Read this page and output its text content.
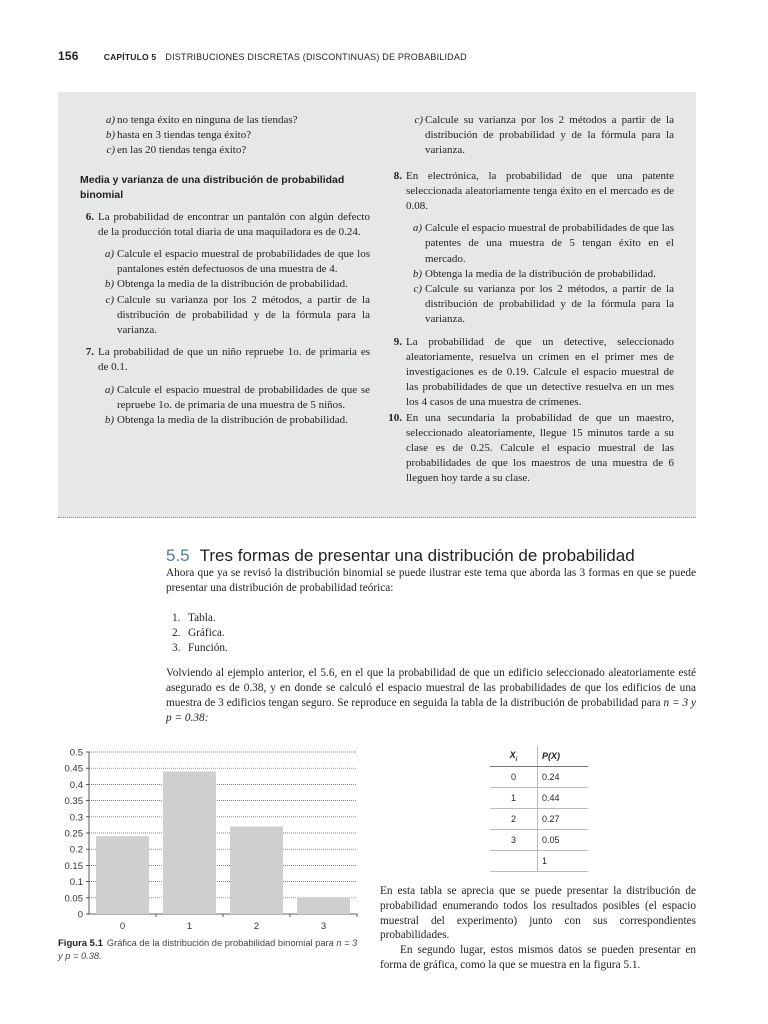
156	CAPÍTULO 5 DISTRIBUCIONES DISCRETAS (DISCONTINUAS) DE PROBABILIDAD

a) no tenga éxito en ninguna de las tiendas?

b) hasta en 3 tiendas tenga éxito?

c) en las 20 tiendas tenga éxito?

Media y varianza de una distribución de probabilidad binomial

6. La probabilidad de encontrar un pantalón con algún defecto de la producción total diaria de una maquiladora es de 0.24.

a) Calcule el espacio muestral de probabilidades de que los pantalones estén defectuosos de una muestra de 4.

b) Obtenga la media de la distribución de probabilidad.

c) Calcule su varianza por los 2 métodos, a partir de la distribución de probabilidad y de la fórmula para la varianza.

7. La probabilidad de que un niño repruebe 1o. de primaria es de 0.1.

a) Calcule el espacio muestral de probabilidades de que se repruebe 1o. de primaria de una muestra de 5 niños.

b) Obtenga la media de la distribución de probabilidad.

c) Calcule su varianza por los 2 métodos a partir de la distribución de probabilidad y de la fórmula para la varianza.

8. En electrónica, la probabilidad de que una patente seleccionada aleatoriamente tenga éxito en el mercado es de 0.08.

a) Calcule el espacio muestral de probabilidades de que las patentes de una muestra de 5 tengan éxito en el mercado.

b) Obtenga la media de la distribución de probabilidad.

c) Calcule su varianza por los 2 métodos, a partir de la distribución de probabilidad y de la fórmula para la varianza.

9. La probabilidad de que un detective, seleccionado aleatoriamente, resuelva un crimen en el primer mes de investigaciones es de 0.19. Calcule el espacio muestral de las probabilidades de que un detective resuelva en un mes los 4 casos de una muestra de crímenes.

10. En una secundaria la probabilidad de que un maestro, seleccionado aleatoriamente, llegue 15 minutos tarde a su clase es de 0.25. Calcule el espacio muestral de las probabilidades de que los maestros de una muestra de 6 lleguen hoy tarde a su clase.

5.5 Tres formas de presentar una distribución de probabilidad

Ahora que ya se revisó la distribución binomial se puede ilustrar este tema que aborda las 3 formas en que se puede presentar una distribución de probabilidad teórica:

1. Tabla.
2. Gráfica.
3. Función.

Volviendo al ejemplo anterior, el 5.6, en el que la probabilidad de que un edificio seleccionado aleatoriamente esté asegurado es de 0.38, y en donde se calculó el espacio muestral de las probabilidades de que los edificios de una muestra de 3 edificios tengan seguro. Se reproduce en seguida la tabla de la distribución de probabilidad para n = 3 y p = 0.38:

0
0.05
0.1
0.15
0.2
0.25
0.3
0.35
0.4
0.45
0.5
0	1	2	3
Figura 5.1 Gráfica de la distribución de probabilidad binomial para n = 3 y p = 0.38.
$X_i$	P(X)
0	0.24
1	0.44
2	0.27
3	0.05
	1
En esta tabla se aprecia que se puede presentar la distribución de probabilidad enumerando todos los resultados posibles (el espacio muestral del experimento) junto con sus correspondientes probabilidades.
En segundo lugar, estos mismos datos se pueden presentar en forma de gráfica, como la que se muestra en la figura 5.1.
